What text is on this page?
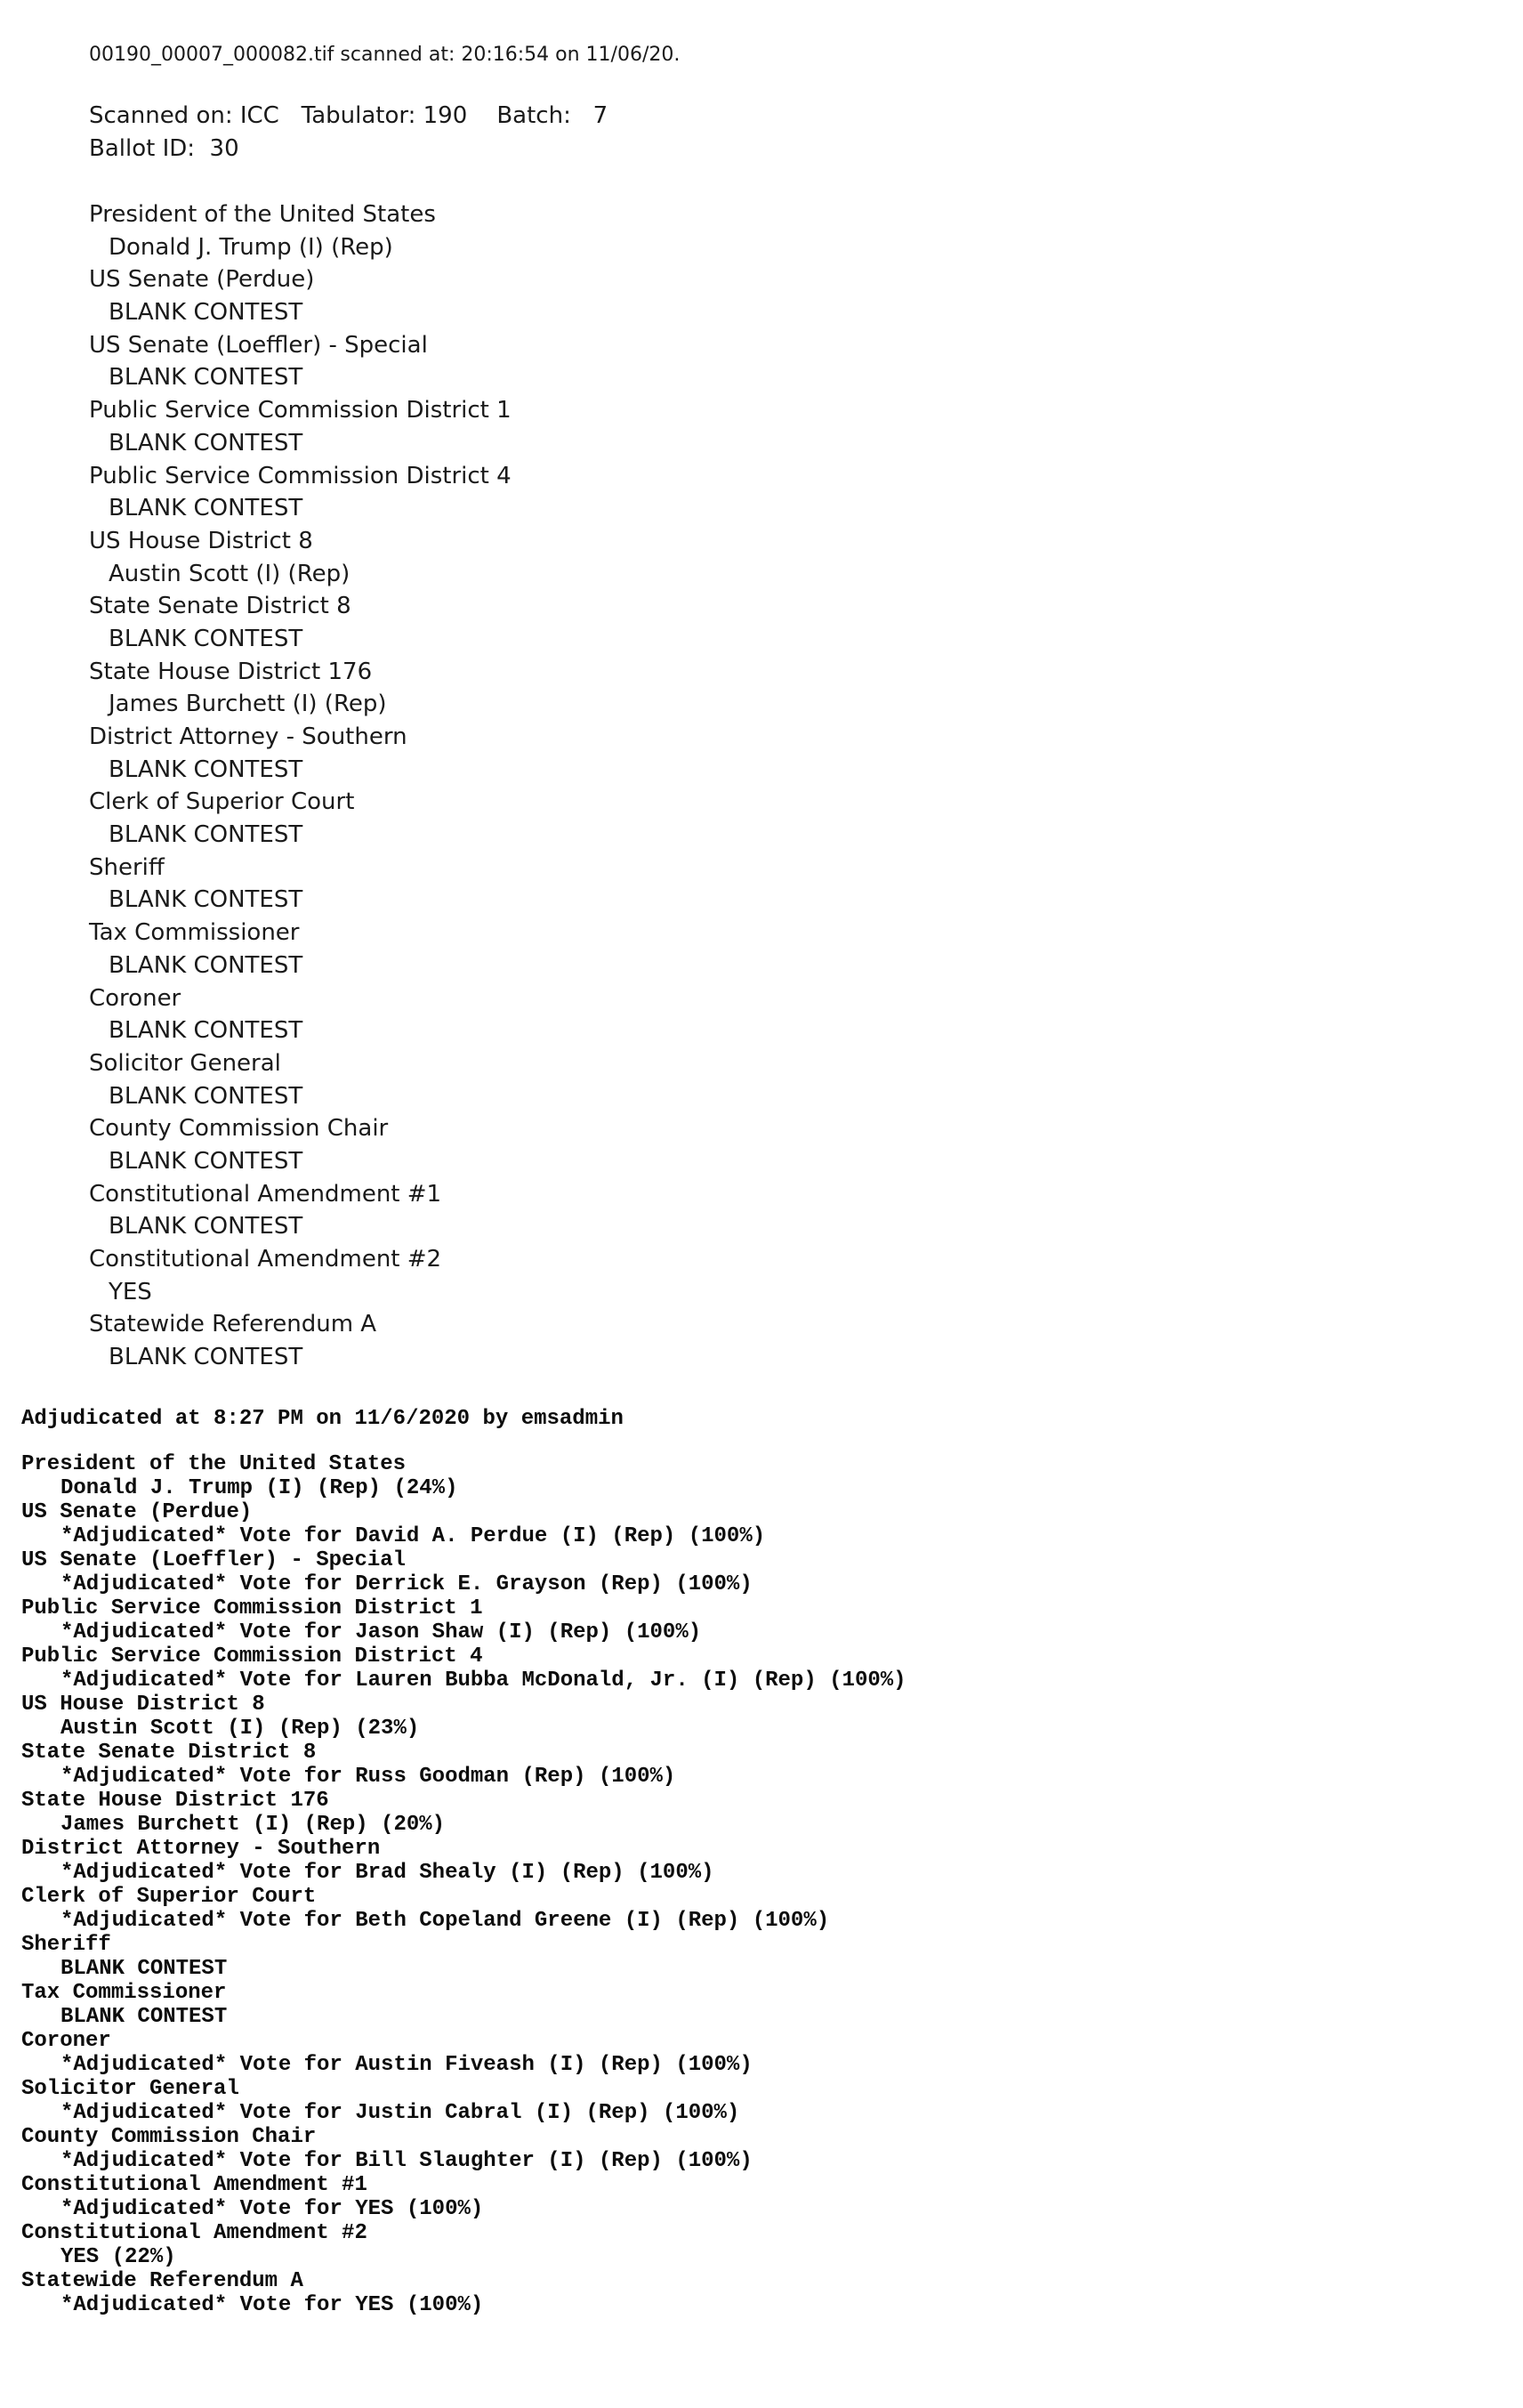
00190_00007_000082.tif scanned at: 20:16:54 on 11/06/20.
Scanned on: ICC   Tabulator: 190    Batch:   7
Ballot ID:  30
President of the United States
Donald J. Trump (I) (Rep)
US Senate (Perdue)
BLANK CONTEST
US Senate (Loeffler) - Special
BLANK CONTEST
Public Service Commission District 1
BLANK CONTEST
Public Service Commission District 4
BLANK CONTEST
US House District 8
Austin Scott (I) (Rep)
State Senate District 8
BLANK CONTEST
State House District 176
James Burchett (I) (Rep)
District Attorney - Southern
BLANK CONTEST
Clerk of Superior Court
BLANK CONTEST
Sheriff
BLANK CONTEST
Tax Commissioner
BLANK CONTEST
Coroner
BLANK CONTEST
Solicitor General
BLANK CONTEST
County Commission Chair
BLANK CONTEST
Constitutional Amendment #1
BLANK CONTEST
Constitutional Amendment #2
YES
Statewide Referendum A
BLANK CONTEST
Adjudicated at 8:27 PM on 11/6/2020 by emsadmin
President of the United States
Donald J. Trump (I) (Rep) (24%)
US Senate (Perdue)
*Adjudicated* Vote for David A. Perdue (I) (Rep) (100%)
US Senate (Loeffler) - Special
*Adjudicated* Vote for Derrick E. Grayson (Rep) (100%)
Public Service Commission District 1
*Adjudicated* Vote for Jason Shaw (I) (Rep) (100%)
Public Service Commission District 4
*Adjudicated* Vote for Lauren Bubba McDonald, Jr. (I) (Rep) (100%)
US House District 8
Austin Scott (I) (Rep) (23%)
State Senate District 8
*Adjudicated* Vote for Russ Goodman (Rep) (100%)
State House District 176
James Burchett (I) (Rep) (20%)
District Attorney - Southern
*Adjudicated* Vote for Brad Shealy (I) (Rep) (100%)
Clerk of Superior Court
*Adjudicated* Vote for Beth Copeland Greene (I) (Rep) (100%)
Sheriff
BLANK CONTEST
Tax Commissioner
BLANK CONTEST
Coroner
*Adjudicated* Vote for Austin Fiveash (I) (Rep) (100%)
Solicitor General
*Adjudicated* Vote for Justin Cabral (I) (Rep) (100%)
County Commission Chair
*Adjudicated* Vote for Bill Slaughter (I) (Rep) (100%)
Constitutional Amendment #1
*Adjudicated* Vote for YES (100%)
Constitutional Amendment #2
YES (22%)
Statewide Referendum A
*Adjudicated* Vote for YES (100%)
